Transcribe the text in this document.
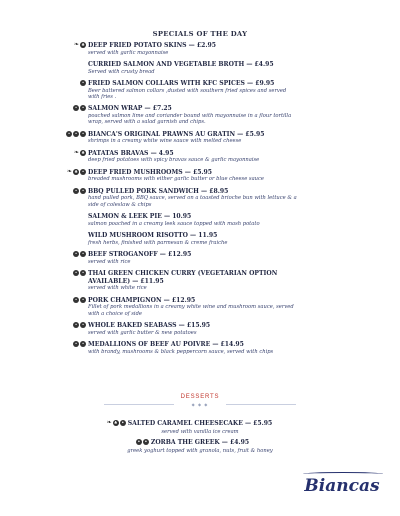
SPECIALS OF THE DAY
❧ ♣ DEEP FRIED POTATO SKINS — £2.95
served with garlic mayonnaise
CURRIED SALMON AND VEGETABLE BROTH — £4.95
Served with crusty bread
• FRIED SALMON COLLARS WITH KFC SPICES — £9.95
Beer battered salmon collars ,dusted with southern fried spices and served with fries .
•	• SALMON WRAP — £7.25
poached salmon lime and coriander bound with mayonnaise in a flour tortilla wrap, served with a salad garnish and chips.
•	•	• BIANCA'S ORIGINAL PRAWNS AU GRATIN — £5.95
shrimps in a creamy white wine sauce with melted cheese
❧ ♣ PATATAS BRAVAS — 4.95
deep fried potatoes with spicy bravas sauce & garlic mayonnaise
❧ ♣	• DEEP FRIED MUSHROOMS — £5.95
breaded mushrooms with either garlic butter or blue cheese sauce
•	• BBQ PULLED PORK SANDWICH — £8.95
hand pulled pork, BBQ sauce, served on a toasted brioche bun with lettuce & a side of coleslaw & chips
SALMON & LEEK PIE — 10.95
salmon poached in a creamy leek sauce topped with mash potato
WILD MUSHROOM RISOTTO — 11.95
fresh herbs, finished with parmesan & creme fraiche
•	• BEEF STROGANOFF — £12.95
served with rice
•	• THAI GREEN CHICKEN CURRY (VEGETARIAN OPTION AVAILABLE) — £11.95
served with white rice
•	• PORK CHAMPIGNON — £12.95
Fillet of pork medallions in a creamy white wine and mushroom sauce, served with a choice of side
•	• WHOLE BAKED SEABASS — £15.95
served with garlic butter & new potatoes
•	• MEDALLIONS OF BEEF AU POIVRE — £14.95
with brandy, mushrooms & black peppercorn sauce, served with chips
DESSERTS
◆ ◆ ◆
❧ ♣ • SALTED CARAMEL CHEESECAKE — £5.95
served with vanilla ice cream
•	• ZORBA THE GREEK — £4.95
greek yoghurt topped with granola, nuts, fruit & honey
Biancas
